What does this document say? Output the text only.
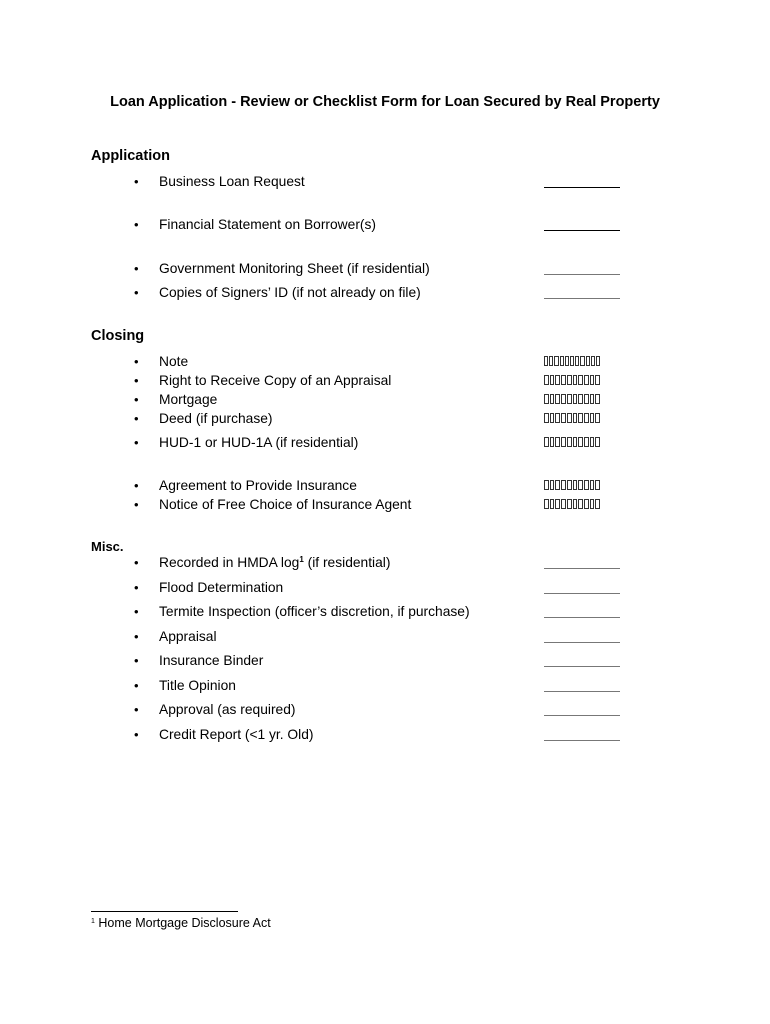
Loan Application - Review or Checklist Form for Loan Secured by Real Property
Application
• Business Loan Request
• Financial Statement on Borrower(s)
• Government Monitoring Sheet (if residential)
• Copies of Signers’ ID (if not already on file)
Closing
• Note
• Right to Receive Copy of an Appraisal
• Mortgage
• Deed (if purchase)
• HUD-1 or HUD-1A (if residential)
• Agreement to Provide Insurance
• Notice of Free Choice of Insurance Agent
Misc.
• Recorded in HMDA $\log^1 (if$ residential)
• Flood Determination
• Termite Inspection (officer’s discretion, if purchase)
• Appraisal
• Insurance Binder
• Title Opinion
• Approval (as required)
• Credit Report (<1 yr. Old)
$^1$ Home Mortgage Disclosure Act
